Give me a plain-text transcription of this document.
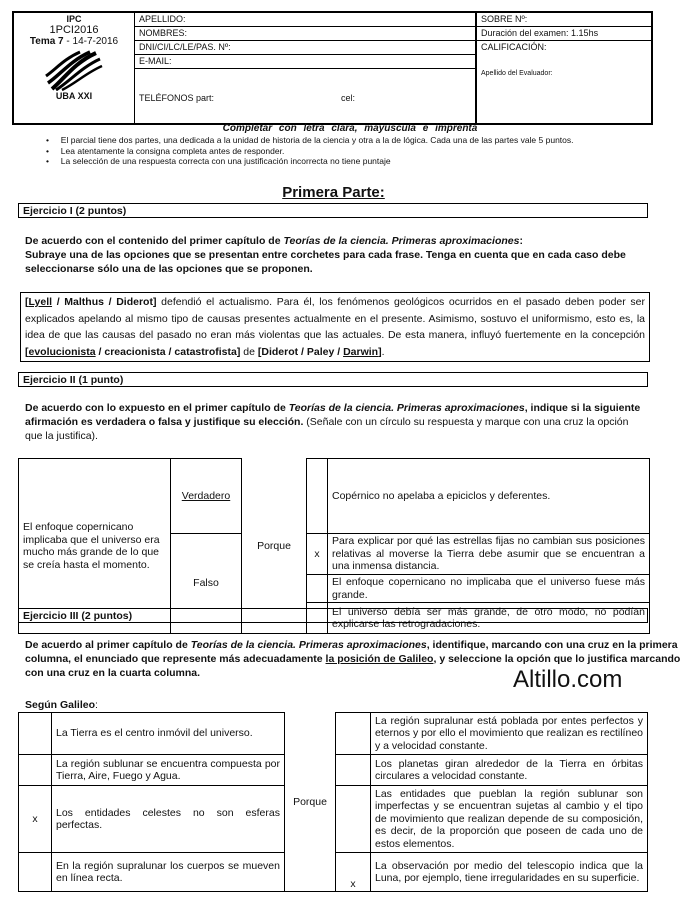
IPC
1PCI2016
Tema 7 - 14-7-2016
UBA XXI
APELLIDO:
NOMBRES:
DNI/CI/LC/LE/PAS. Nº:
E-MAIL:
TELÉFONOS part:	cel:
SOBRE Nº:
Duración del examen: 1.15hs
CALIFICACIÓN:
Apellido del Evaluador:
Completar con letra clara, mayúscula e imprenta
•     El parcial tiene dos partes, una dedicada a la unidad de historia de la ciencia y otra a la de lógica. Cada una de las partes vale 5 puntos.
•     Lea atentamente la consigna completa antes de responder.
•     La selección de una respuesta correcta con una justificación incorrecta no tiene puntaje
Primera Parte:
Ejercicio I (2 puntos)
De acuerdo con el contenido del primer capítulo de Teorías de la ciencia. Primeras aproximaciones:
Subraye una de las opciones que se presentan entre corchetes para cada frase. Tenga en cuenta que en cada caso debe seleccionarse sólo una de las opciones que se proponen.
[Lyell / Malthus / Diderot] defendió el actualismo. Para él, los fenómenos geológicos ocurridos en el pasado deben poder ser explicados apelando al mismo tipo de causas presentes actualmente en el presente. Asimismo, sostuvo el uniformismo, esto es, la idea de que las causas del pasado no eran más violentas que las actuales. De esta manera, influyó fuertemente en la concepción [evolucionista / creacionista / catastrofista] de [Diderot / Paley / Darwin].
Ejercicio II (1 punto)
De acuerdo con lo expuesto en el primer capítulo de Teorías de la ciencia. Primeras aproximaciones, indique si la siguiente afirmación es verdadera o falsa y justifique su elección. (Señale con un círculo su respuesta y marque con una cruz la opción que la justifica).
El enfoque copernicano implicaba que el universo era mucho más grande de lo que se creía hasta el momento.	Verdadero	Porque		Copérnico no apelaba a epiciclos y deferentes.
	Falso		x	Para explicar por qué las estrellas fijas no cambian sus posiciones relativas al moverse la Tierra debe asumir que se encuentran a una inmensa distancia.
				El enfoque copernicano no implicaba que el universo fuese más grande.
				El universo debía ser más grande, de otro modo, no podían explicarse las retrogradaciones.
Ejercicio III (2 puntos)
De acuerdo al primer capítulo de Teorías de la ciencia. Primeras aproximaciones, identifique, marcando con una cruz en la primera columna, el enunciado que represente más adecuadamente la posición de Galileo, y seleccione la opción que lo justifica marcando con una cruz en la cuarta columna.	Altillo.com
Según Galileo:
	La Tierra es el centro inmóvil del universo.	Porque		La región supralunar está poblada por entes perfectos y eternos y por ello el movimiento que realizan es rectilíneo y a velocidad constante.
	La región sublunar se encuentra compuesta por Tierra, Aire, Fuego y Agua.			Los planetas giran alrededor de la Tierra en órbitas circulares a velocidad constante.
x	Los entidades celestes no son esferas perfectas.			Las entidades que pueblan la región sublunar son imperfectas y se encuentran sujetas al cambio y el tipo de movimiento que realizan depende de su composición, es decir, de la proporción que poseen de cada uno de estos elementos.
	En la región supralunar los cuerpos se mueven en línea recta.		x	La observación por medio del telescopio indica que la Luna, por ejemplo, tiene irregularidades en su superficie.
